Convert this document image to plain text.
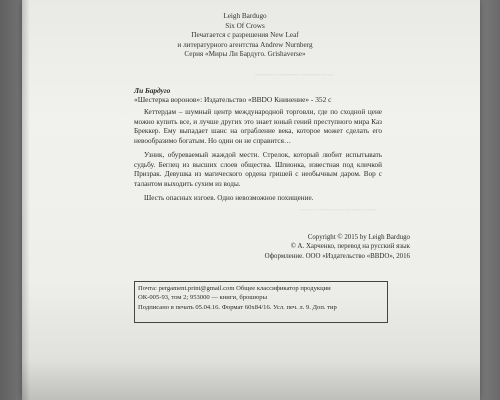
~~~~ ~~~~~~ ~~~~~~~ ~~~~~~
~~~ ~~~~~~ ~~~~~~~~~ ~~~~
Leigh Bardugo
Six Of Crows
Печатается с разрешения New Leaf
и литературного агентства Andrew Nurnberg
Серия «Миры Ли Бардуго. Grishaverse»
Ли Бардуго
«Шестерка воронов»: Издательство «ВВDO Книнение» - 352 с

Кеттердам – шумный центр международной торговли, где по сходной цене можно купить все, и лучше других это знает юный гений преступного мира Каз Бреккер. Ему выпадает шанс на ограбление века, которое может сделать его невообразимо богатым. Но один он не справится…

Узник, обуреваемый жаждой мести. Стрелок, который любит испытывать судьбу. Беглец из высших слоев общества. Шпионка, известная под кличкой Призрак. Девушка из магического ордена гришей с необычным даром. Вор с талантом выходить сухим из воды.

Шесть опасных изгоев. Одно невозможное похищение.

Copyright © 2015 by Leigh Bardugo
© А. Харченко, перевод на русский язык
Оформление. ООО «Издательство «ВВDO», 2016
Почта: pergament.print@gmail.com Общее классификатор продукции
ОК-005-93, том 2; 953000 — книги, брошюры
Подписано в печать 05.04.16. Формат 60х84/16. Усл. печ. л. 9. Доп. тир
